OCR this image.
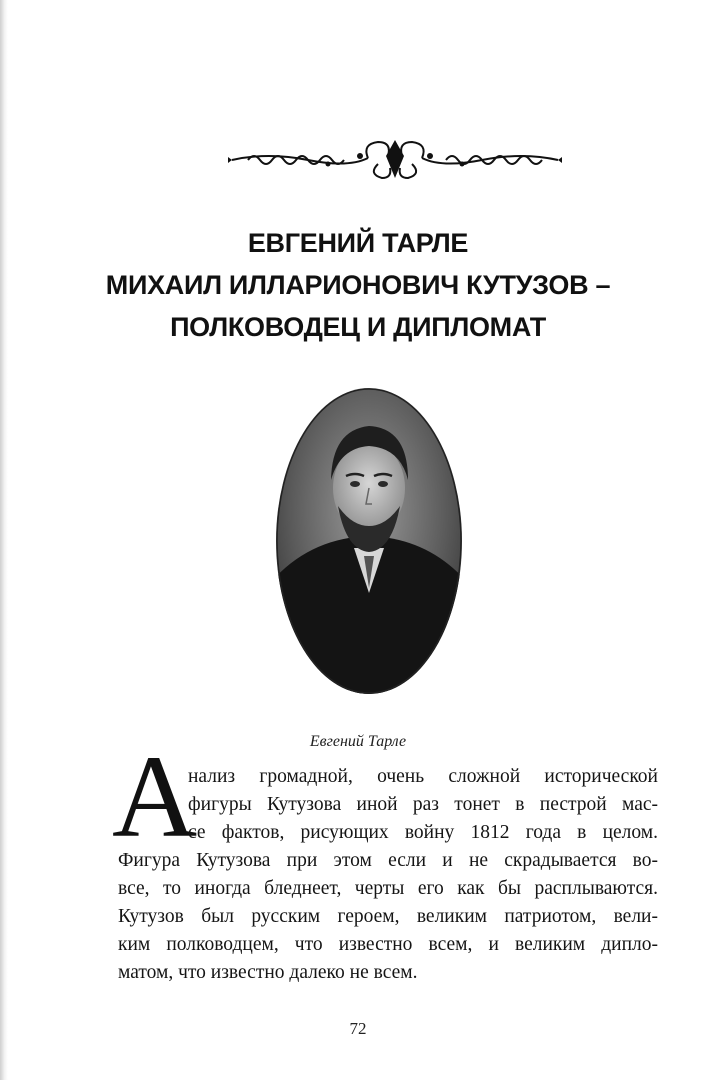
ЕВГЕНИЙ ТАРЛЕ
МИХАИЛ ИЛЛАРИОНОВИЧ КУТУЗОВ –
ПОЛКОВОДЕЦ И ДИПЛОМАТ
Евгений Тарле
А
нализ громадной, очень сложной исторической
фигуры Кутузова иной раз тонет в пестрой мас-
се фактов, рисующих войну 1812 года в целом.
Фигура Кутузова при этом если и не скрадывается во-
все, то иногда бледнеет, черты его как бы расплываются.
Кутузов был русским героем, великим патриотом, вели-
ким полководцем, что известно всем, и великим дипло-
матом, что известно далеко не всем.
72
